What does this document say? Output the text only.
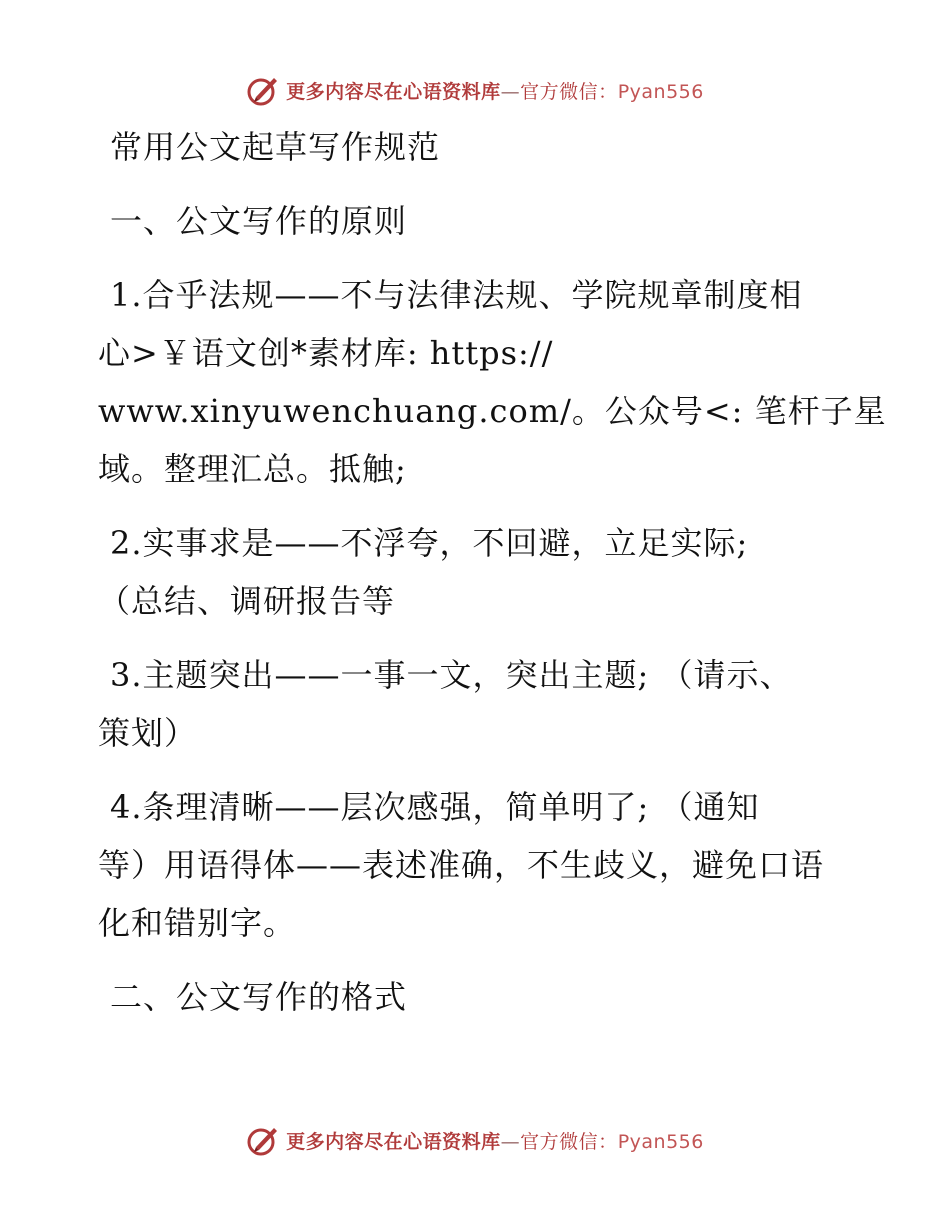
更多内容尽在心语资料库—官方微信：Pyan556

常用公文起草写作规范

一、公文写作的原则

1.合乎法规——不与法律法规、学院规章制度相

心>￥语文创*素材库: https://

www.xinyuwenchuang.com/。公众号<: 笔杆子星

域。整理汇总。抵触;

2.实事求是——不浮夸，不回避，立足实际;

（总结、调研报告等

3.主题突出——一事一文，突出主题; （请示、

策划）

4.条理清晰——层次感强，简单明了; （通知

等）用语得体——表述准确，不生歧义，避免口语

化和错别字。

二、公文写作的格式

更多内容尽在心语资料库—官方微信：Pyan556
